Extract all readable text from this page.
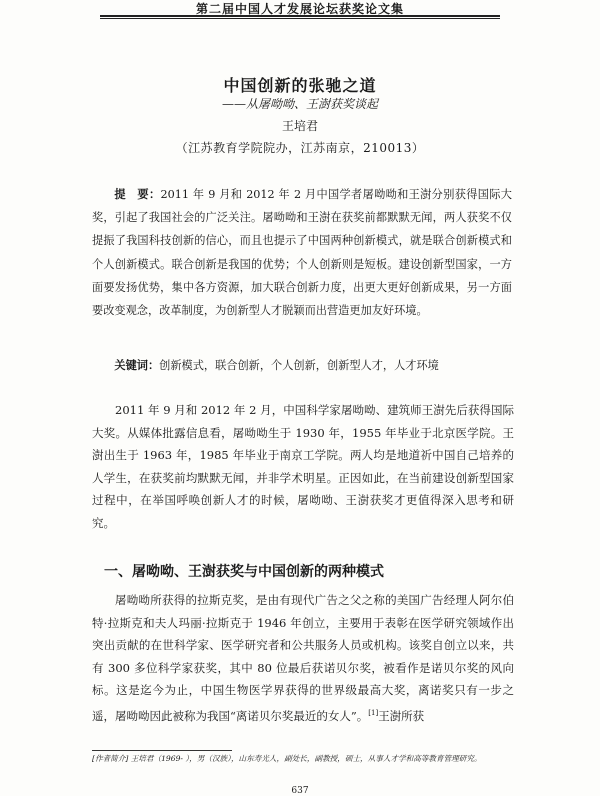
第二届中国人才发展论坛获奖论文集
中国创新的张驰之道
——从屠呦呦、王澍获奖谈起
王培君
（江苏教育学院院办，江苏南京，210013）
提　要：2011 年 9 月和 2012 年 2 月中国学者屠呦呦和王澍分别获得国际大奖，引起了我国社会的广泛关注。屠呦呦和王澍在获奖前都默默无闻，两人获奖不仅提振了我国科技创新的信心，而且也提示了中国两种创新模式，就是联合创新模式和个人创新模式。联合创新是我国的优势；个人创新则是短板。建设创新型国家，一方面要发扬优势，集中各方资源，加大联合创新力度，出更大更好创新成果，另一方面要改变观念，改革制度，为创新型人才脱颖而出营造更加友好环境。
关键词：创新模式，联合创新，个人创新，创新型人才，人才环境
2011 年 9 月和 2012 年 2 月，中国科学家屠呦呦、建筑师王澍先后获得国际大奖。从媒体批露信息看，屠呦呦生于 1930 年，1955 年毕业于北京医学院。王澍出生于 1963 年，1985 年毕业于南京工学院。两人均是地道祈中国自己培养的人学生，在获奖前均默默无闻，并非学术明星。正因如此，在当前建设创新型国家过程中，在举国呼唤创新人才的时候，屠呦呦、王澍获奖才更值得深入思考和研究。
一、屠呦呦、王澍获奖与中国创新的两种模式
屠呦呦所获得的拉斯克奖，是由有现代广告之父之称的美国广告经理人阿尔伯特·拉斯克和夫人玛丽·拉斯克于 1946 年创立，主要用于表彰在医学研究领域作出突出贡献的在世科学家、医学研究者和公共服务人员或机构。该奖自创立以来，共有 300 多位科学家获奖，其中 80 位最后获诺贝尔奖，被看作是诺贝尔奖的风向标。这是迄今为止，中国生物医学界获得的世界级最高大奖，离诺奖只有一步之遥，屠呦呦因此被称为我国“离诺贝尔奖最近的女人”。[1]王澍所获
[作者简介] 王培君（1969- ），男（汉族），山东寿光人，副处长，副教授，硕士，从事人才学和高等教育管理研究。
637
